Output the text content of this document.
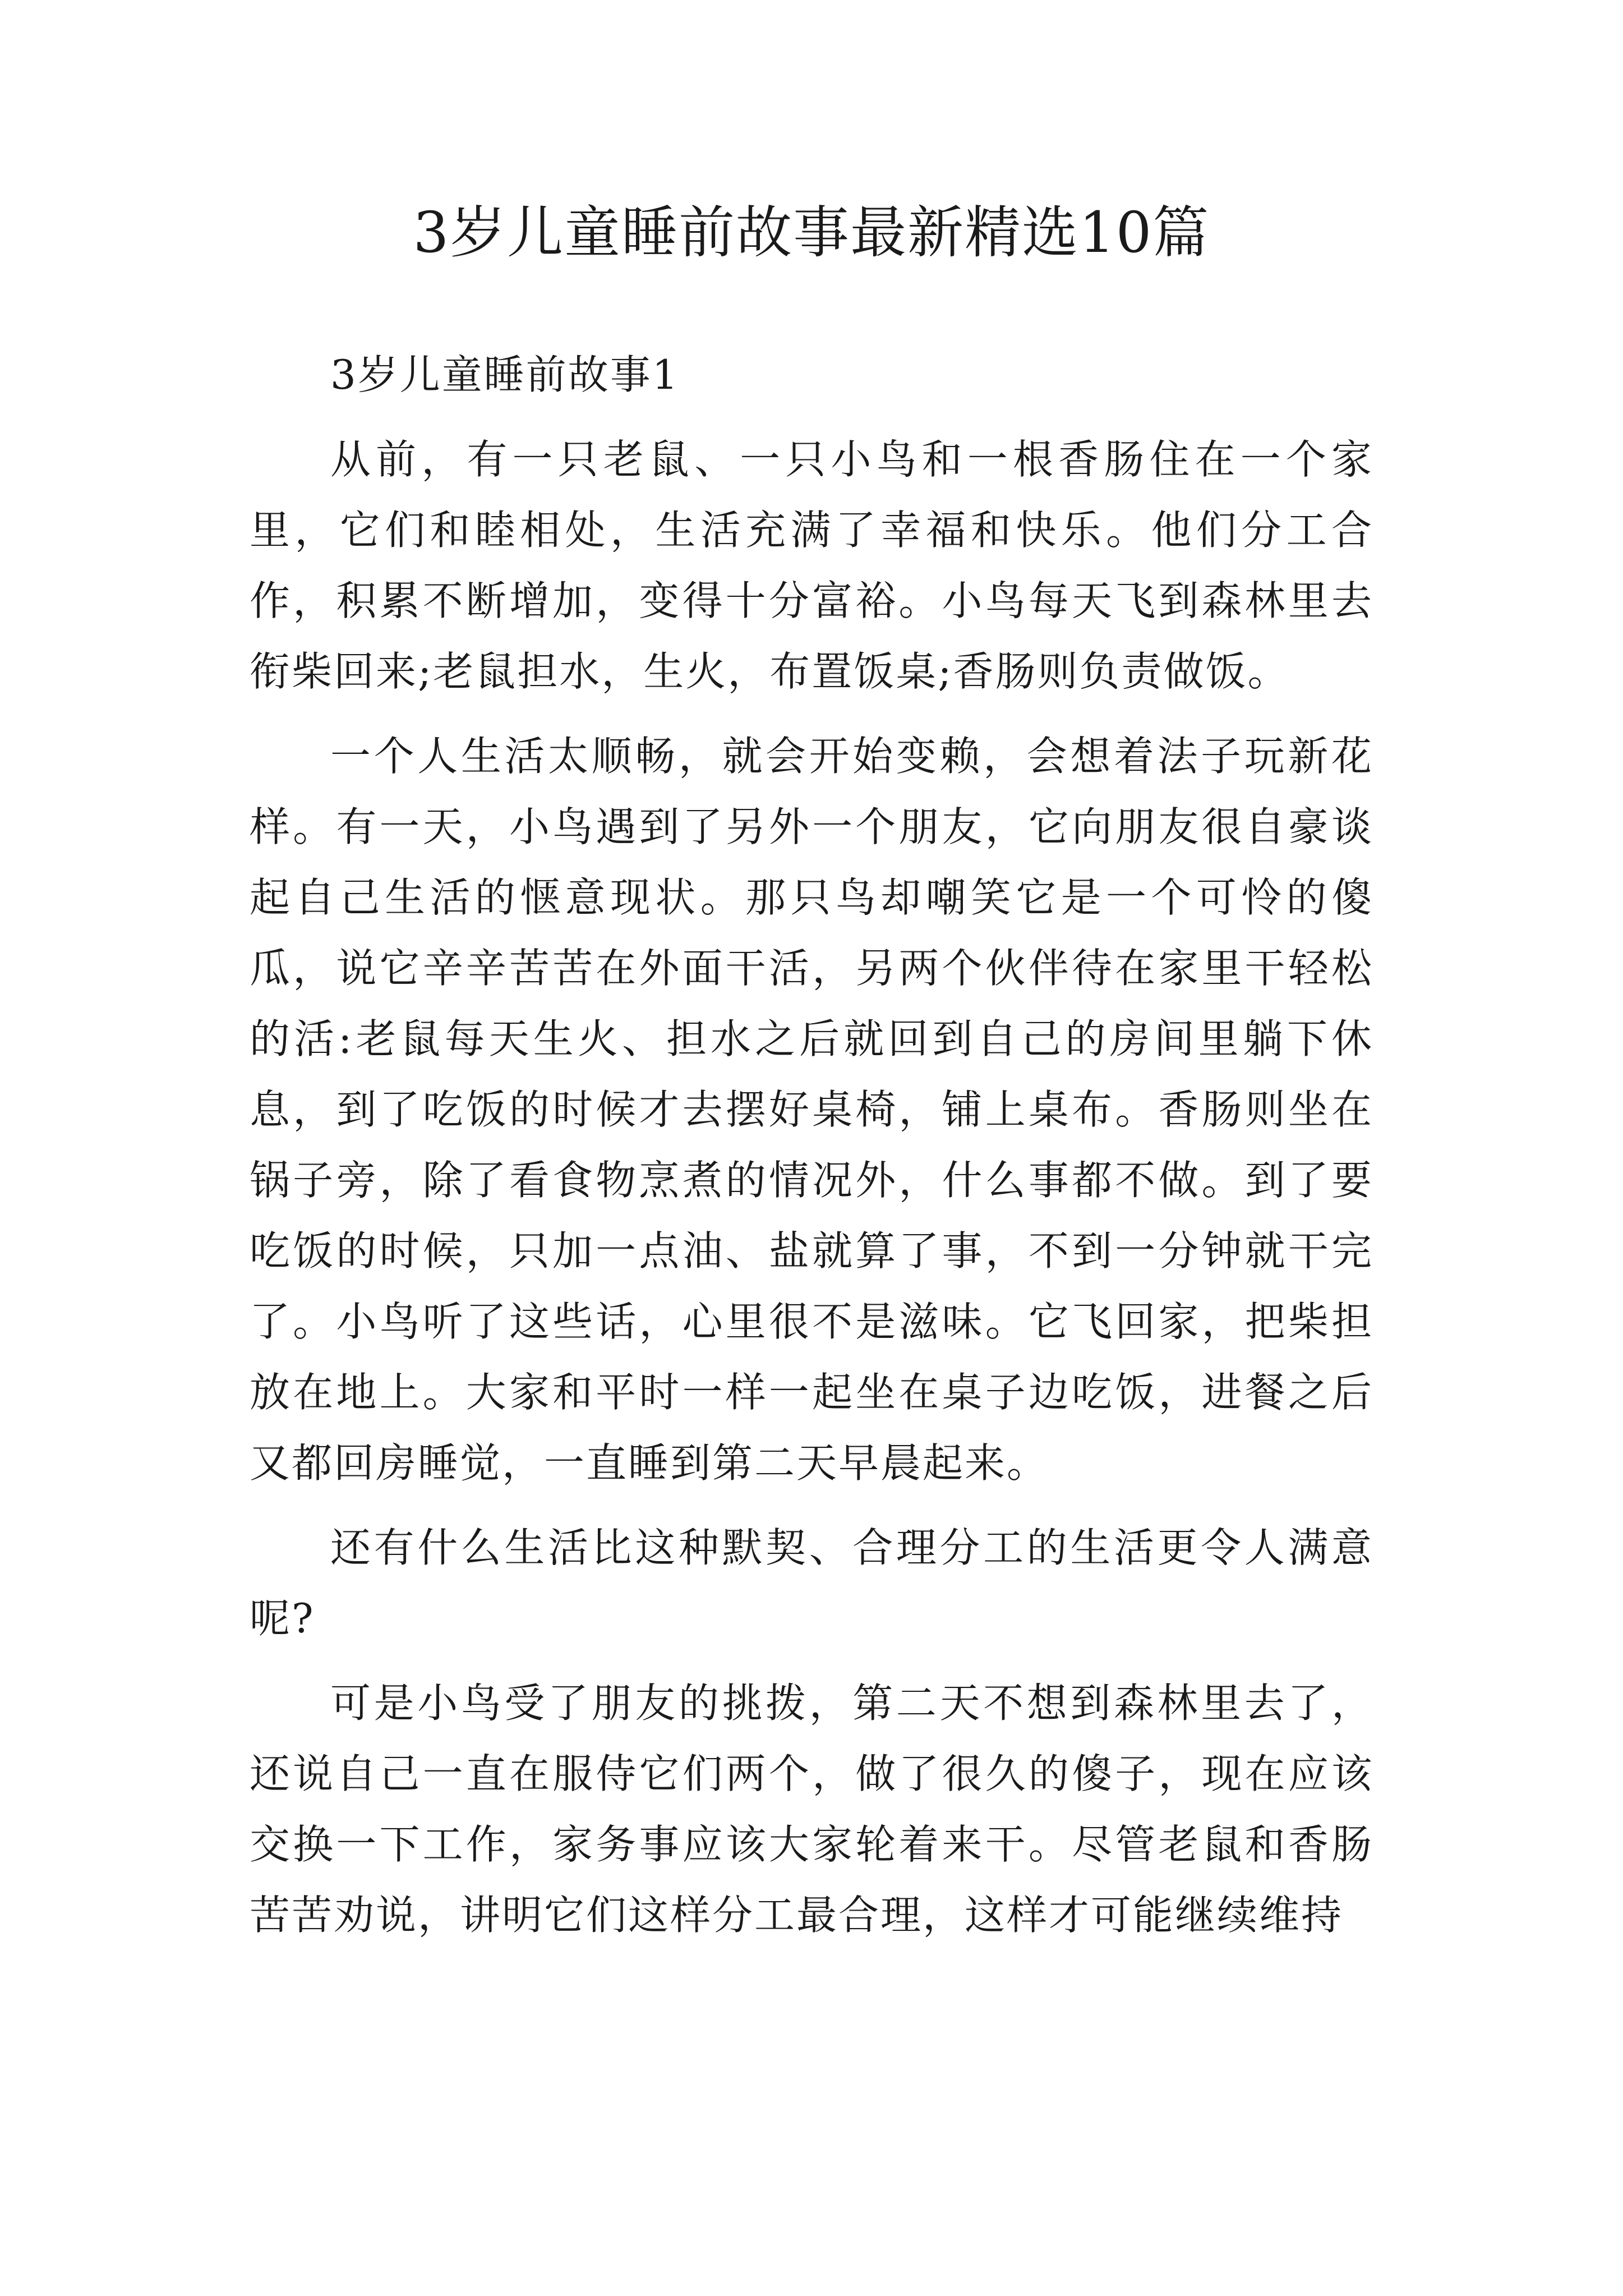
3岁儿童睡前故事最新精选10篇

3岁儿童睡前故事1

从前，有一只老鼠、一只小鸟和一根香肠住在一个家里，它们和睦相处，生活充满了幸福和快乐。他们分工合作，积累不断增加，变得十分富裕。小鸟每天飞到森林里去衔柴回来;老鼠担水，生火，布置饭桌;香肠则负责做饭。

一个人生活太顺畅，就会开始变赖，会想着法子玩新花样。有一天，小鸟遇到了另外一个朋友，它向朋友很自豪谈起自己生活的惬意现状。那只鸟却嘲笑它是一个可怜的傻瓜，说它辛辛苦苦在外面干活，另两个伙伴待在家里干轻松的活:老鼠每天生火、担水之后就回到自己的房间里躺下休息，到了吃饭的时候才去摆好桌椅，铺上桌布。香肠则坐在锅子旁，除了看食物烹煮的情况外，什么事都不做。到了要吃饭的时候，只加一点油、盐就算了事，不到一分钟就干完了。小鸟听了这些话，心里很不是滋味。它飞回家，把柴担放在地上。大家和平时一样一起坐在桌子边吃饭，进餐之后又都回房睡觉，一直睡到第二天早晨起来。

还有什么生活比这种默契、合理分工的生活更令人满意呢?

可是小鸟受了朋友的挑拨，第二天不想到森林里去了，还说自己一直在服侍它们两个，做了很久的傻子，现在应该交换一下工作，家务事应该大家轮着来干。尽管老鼠和香肠苦苦劝说，讲明它们这样分工最合理，这样才可能继续维持
